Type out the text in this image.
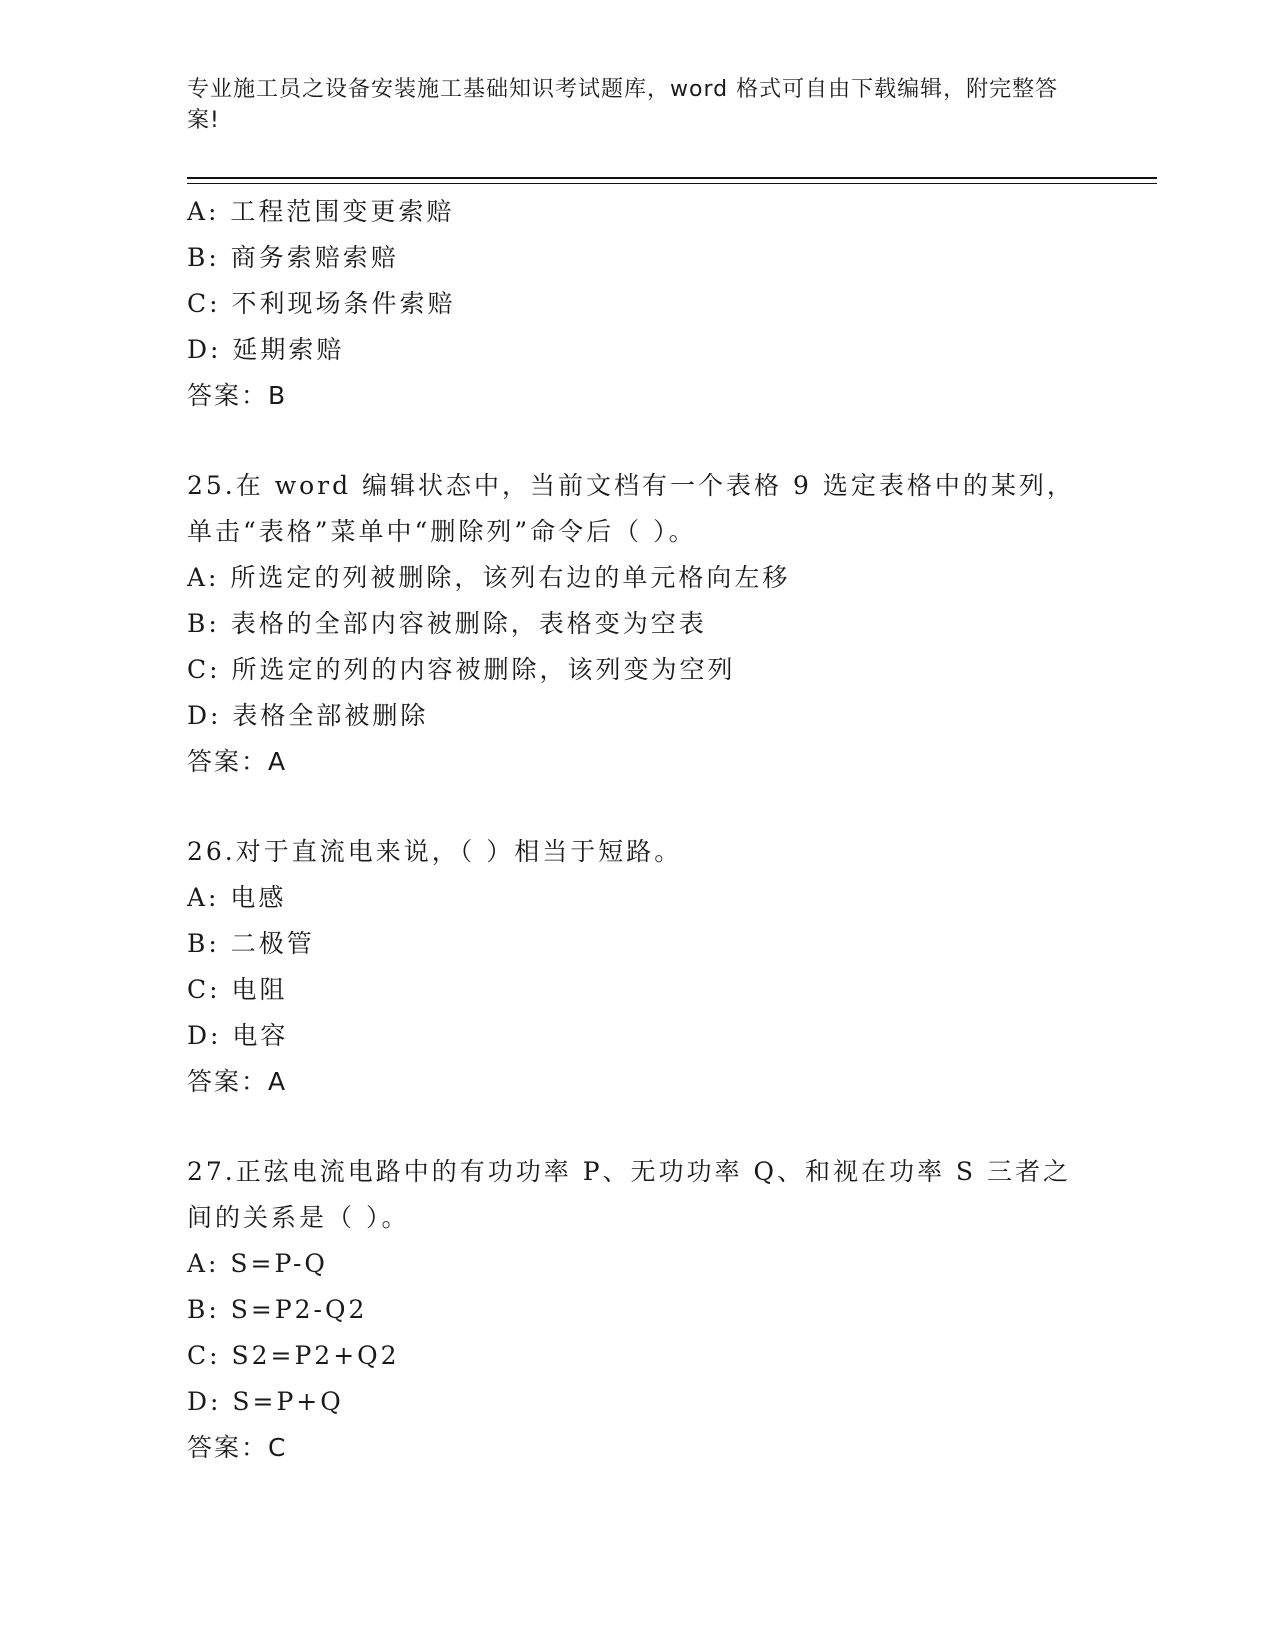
专业施工员之设备安装施工基础知识考试题库，word 格式可自由下载编辑，附完整答案!
A: 工程范围变更索赔
B: 商务索赔索赔
C: 不利现场条件索赔
D: 延期索赔
答案：B
25.在 word 编辑状态中，当前文档有一个表格 9 选定表格中的某列，
单击“表格”菜单中“删除列”命令后（ ）。
A: 所选定的列被删除，该列右边的单元格向左移
B: 表格的全部内容被删除，表格变为空表
C: 所选定的列的内容被删除，该列变为空列
D: 表格全部被删除
答案：A
26.对于直流电来说，（ ）相当于短路。
A: 电感
B: 二极管
C: 电阻
D: 电容
答案：A
27.正弦电流电路中的有功功率 P、无功功率 Q、和视在功率 S 三者之
间的关系是（ ）。
A: S=P-Q
B: S=P2-Q2
C: S2=P2+Q2
D: S=P+Q
答案：C
